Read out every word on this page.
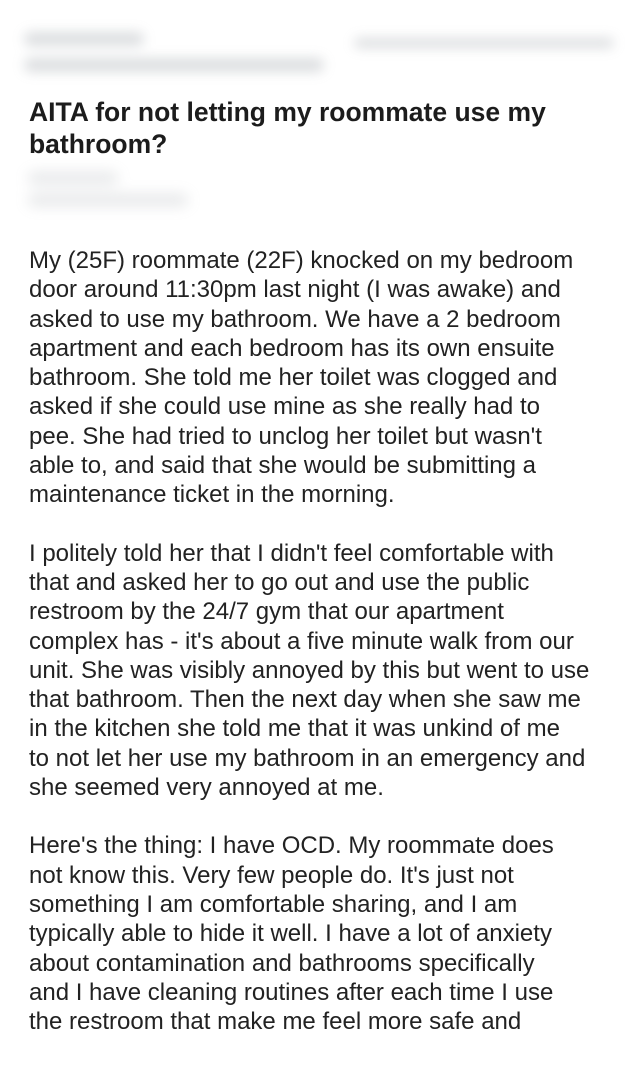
AITA for not letting my roommate use my bathroom?

My (25F) roommate (22F) knocked on my bedroom
door around 11:30pm last night (I was awake) and
asked to use my bathroom. We have a 2 bedroom
apartment and each bedroom has its own ensuite
bathroom. She told me her toilet was clogged and
asked if she could use mine as she really had to
pee. She had tried to unclog her toilet but wasn't
able to, and said that she would be submitting a
maintenance ticket in the morning.

I politely told her that I didn't feel comfortable with
that and asked her to go out and use the public
restroom by the 24/7 gym that our apartment
complex has - it's about a five minute walk from our
unit. She was visibly annoyed by this but went to use
that bathroom. Then the next day when she saw me
in the kitchen she told me that it was unkind of me
to not let her use my bathroom in an emergency and
she seemed very annoyed at me.

Here's the thing: I have OCD. My roommate does
not know this. Very few people do. It's just not
something I am comfortable sharing, and I am
typically able to hide it well. I have a lot of anxiety
about contamination and bathrooms specifically
and I have cleaning routines after each time I use
the restroom that make me feel more safe and
